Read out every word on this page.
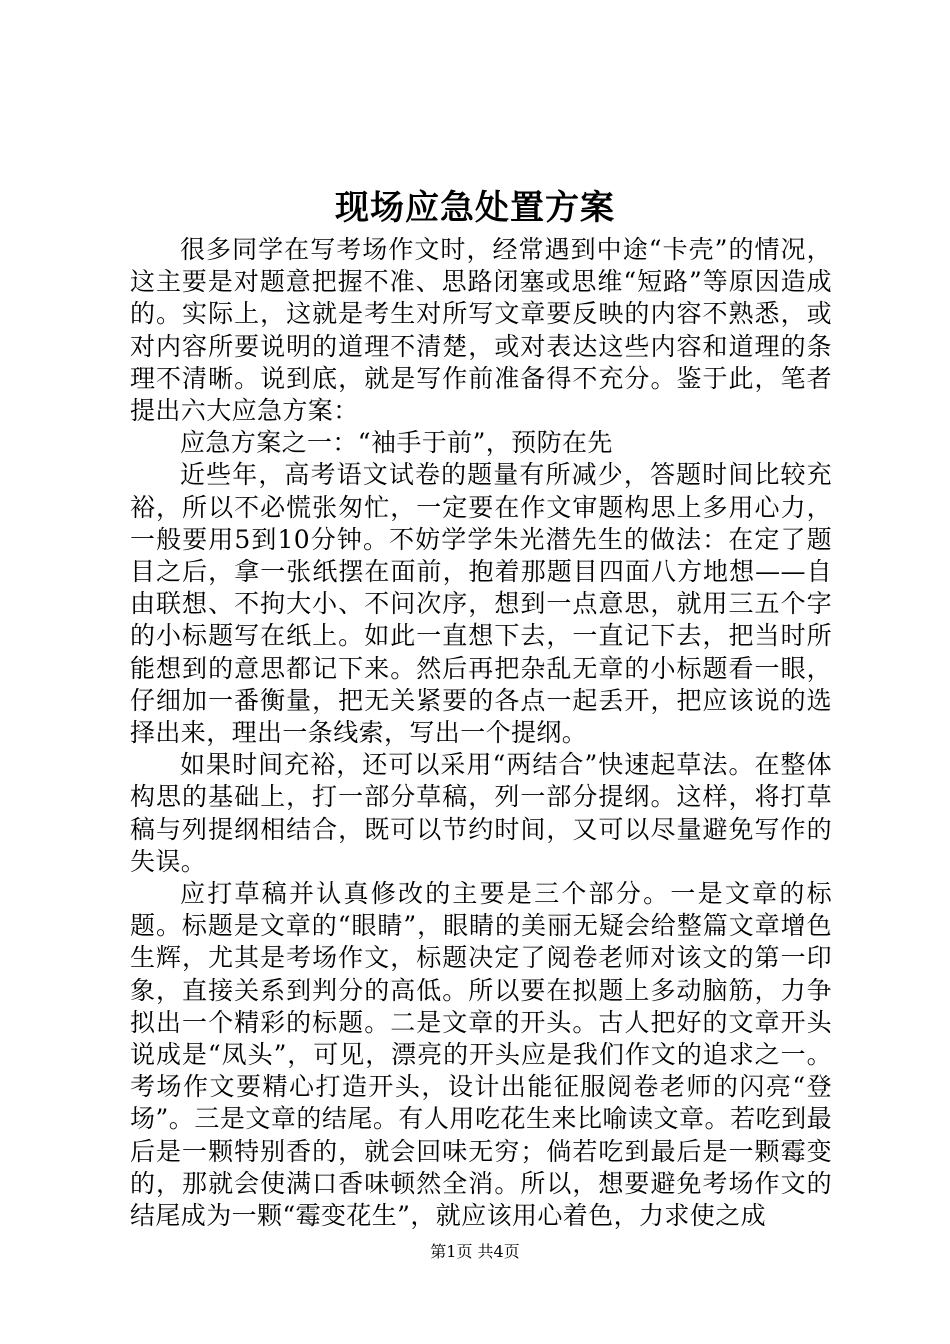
现场应急处置方案

很多同学在写考场作文时，经常遇到中途“卡壳”的情况，这主要是对题意把握不准、思路闭塞或思维“短路”等原因造成的。实际上，这就是考生对所写文章要反映的内容不熟悉，或对内容所要说明的道理不清楚，或对表达这些内容和道理的条理不清晰。说到底，就是写作前准备得不充分。鉴于此，笔者提出六大应急方案：

应急方案之一：“袖手于前”，预防在先

近些年，高考语文试卷的题量有所减少，答题时间比较充裕，所以不必慌张匆忙，一定要在作文审题构思上多用心力，一般要用5到10分钟。不妨学学朱光潜先生的做法：在定了题目之后，拿一张纸摆在面前，抱着那题目四面八方地想——自由联想、不拘大小、不问次序，想到一点意思，就用三五个字的小标题写在纸上。如此一直想下去，一直记下去，把当时所能想到的意思都记下来。然后再把杂乱无章的小标题看一眼，仔细加一番衡量，把无关紧要的各点一起丢开，把应该说的选择出来，理出一条线索，写出一个提纲。

如果时间充裕，还可以采用“两结合”快速起草法。在整体构思的基础上，打一部分草稿，列一部分提纲。这样，将打草稿与列提纲相结合，既可以节约时间，又可以尽量避免写作的失误。

应打草稿并认真修改的主要是三个部分。一是文章的标题。标题是文章的“眼睛”，眼睛的美丽无疑会给整篇文章增色生辉，尤其是考场作文，标题决定了阅卷老师对该文的第一印象，直接关系到判分的高低。所以要在拟题上多动脑筋，力争拟出一个精彩的标题。二是文章的开头。古人把好的文章开头说成是“凤头”，可见，漂亮的开头应是我们作文的追求之一。考场作文要精心打造开头，设计出能征服阅卷老师的闪亮“登场”。三是文章的结尾。有人用吃花生来比喻读文章。若吃到最后是一颗特别香的，就会回味无穷；倘若吃到最后是一颗霉变的，那就会使满口香味顿然全消。所以，想要避免考场作文的结尾成为一颗“霉变花生”，就应该用心着色，力求使之成

第1页 共4页
